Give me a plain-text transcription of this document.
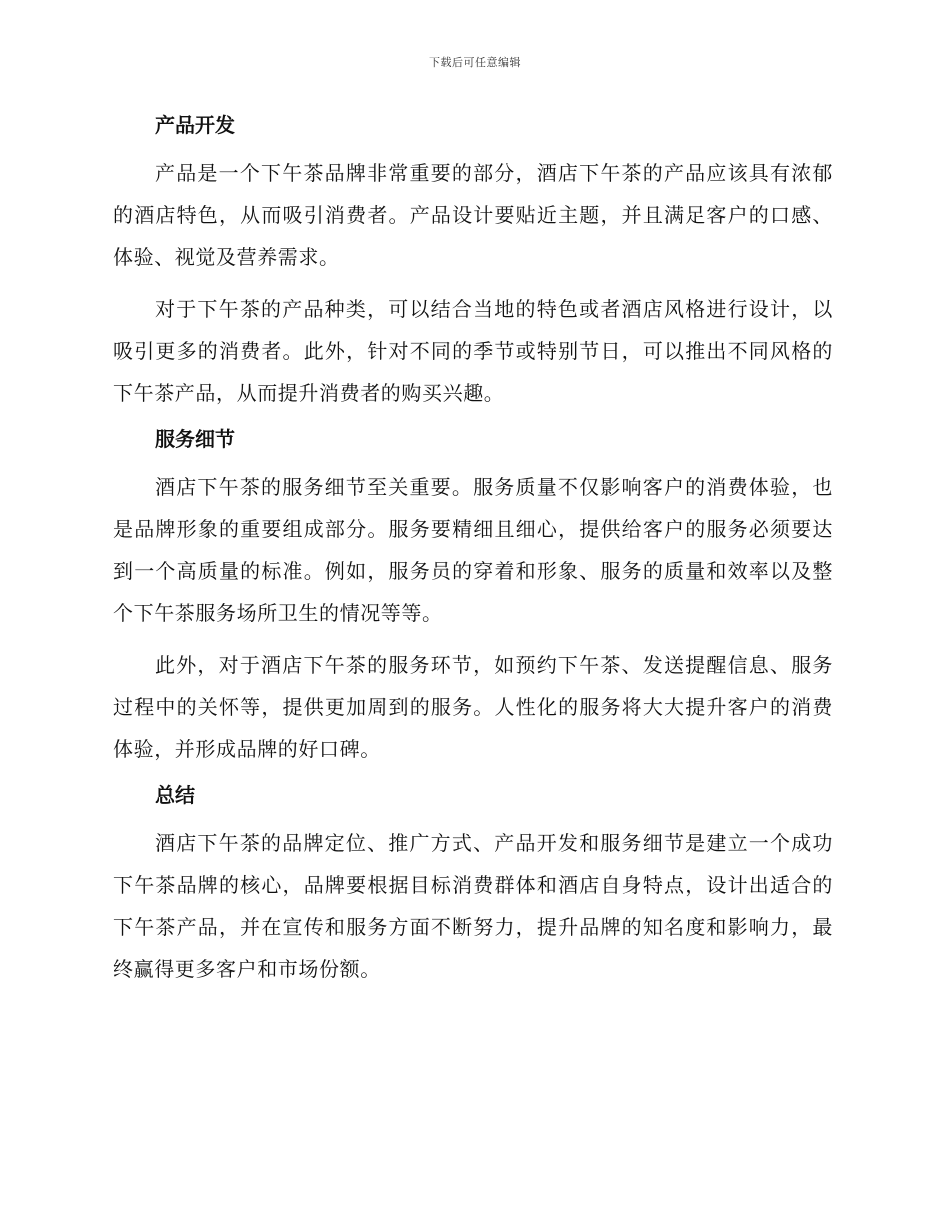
下载后可任意编辑
产品开发

产品是一个下午茶品牌非常重要的部分，酒店下午茶的产品应该具有浓郁的酒店特色，从而吸引消费者。产品设计要贴近主题，并且满足客户的口感、体验、视觉及营养需求。

对于下午茶的产品种类，可以结合当地的特色或者酒店风格进行设计，以吸引更多的消费者。此外，针对不同的季节或特别节日，可以推出不同风格的下午茶产品，从而提升消费者的购买兴趣。

服务细节

酒店下午茶的服务细节至关重要。服务质量不仅影响客户的消费体验，也是品牌形象的重要组成部分。服务要精细且细心，提供给客户的服务必须要达到一个高质量的标准。例如，服务员的穿着和形象、服务的质量和效率以及整个下午茶服务场所卫生的情况等等。

此外，对于酒店下午茶的服务环节，如预约下午茶、发送提醒信息、服务过程中的关怀等，提供更加周到的服务。人性化的服务将大大提升客户的消费体验，并形成品牌的好口碑。

总结

酒店下午茶的品牌定位、推广方式、产品开发和服务细节是建立一个成功下午茶品牌的核心，品牌要根据目标消费群体和酒店自身特点，设计出适合的下午茶产品，并在宣传和服务方面不断努力，提升品牌的知名度和影响力，最终赢得更多客户和市场份额。
